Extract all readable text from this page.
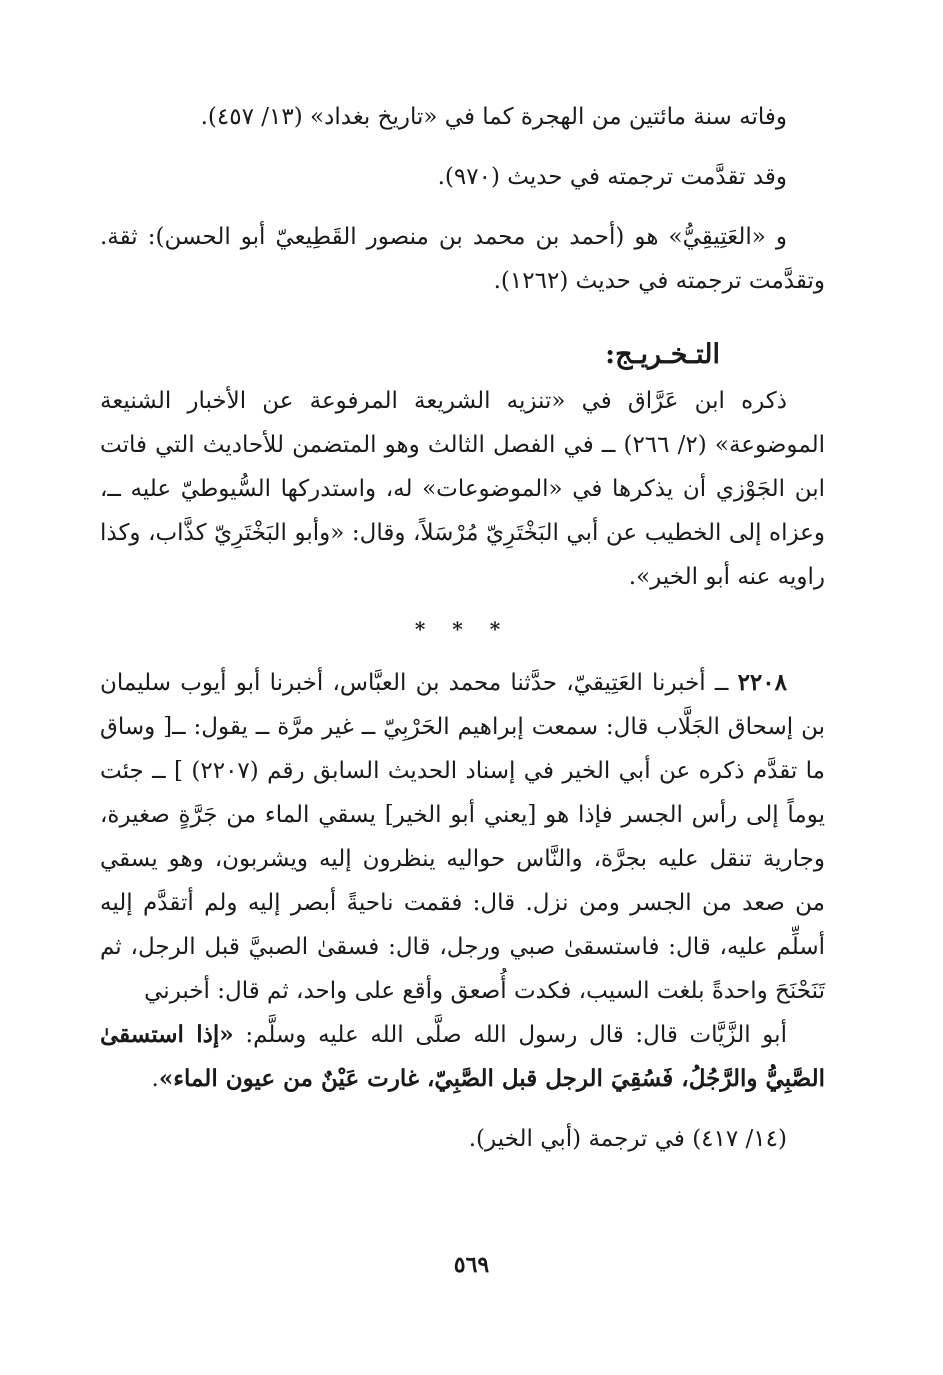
وفاته سنة مائتين من الهجرة كما في «تاريخ بغداد» (١٣/ ٤٥٧).

وقد تقدَّمت ترجمته في حديث (٩٧٠).

و «العَتِيقِيُّ» هو (أحمد بن محمد بن منصور القَطِيعيّ أبو الحسن): ثقة. وتقدَّمت ترجمته في حديث (١٢٦٢).

التـخـريـج:

ذكره ابن عَرَّاق في «تنزيه الشريعة المرفوعة عن الأخبار الشنيعة الموضوعة» (٢/ ٢٦٦) ــ في الفصل الثالث وهو المتضمن للأحاديث التي فاتت ابن الجَوْزي أن يذكرها في «الموضوعات» له، واستدركها السُّيوطيّ عليه ــ، وعزاه إلى الخطيب عن أبي البَخْتَرِيّ مُرْسَلاً، وقال: «وأبو البَخْتَرِيّ كذَّاب، وكذا راويه عنه أبو الخير».

* * *

٢٢٠٨ ــ أخبرنا العَتِيقيّ، حدَّثنا محمد بن العبَّاس، أخبرنا أبو أيوب سليمان بن إسحاق الجَلَّاب قال: سمعت إبراهيم الحَرْبِيّ ــ غير مرَّة ــ يقول: ــ[ وساق ما تقدَّم ذكره عن أبي الخير في إسناد الحديث السابق رقم (٢٢٠٧) ] ــ جئت يوماً إلى رأس الجسر فإذا هو [يعني أبو الخير] يسقي الماء من جَرَّةٍ صغيرة، وجارية تنقل عليه بجرَّة، والنَّاس حواليه ينظرون إليه ويشربون، وهو يسقي من صعد من الجسر ومن نزل. قال: فقمت ناحيةً أبصر إليه ولم أتقدَّم إليه أسلِّم عليه، قال: فاستسقىٰ صبي ورجل، قال: فسقىٰ الصبيَّ قبل الرجل، ثم تَنَحْنَحَ واحدةً بلغت السيب، فكدت أُصعق وأقع على واحد، ثم قال: أخبرني

أبو الزَّيَّات قال: قال رسول الله صلَّى الله عليه وسلَّم: «إذا استسقىٰ الصَّبِيُّ والرَّجُلُ، فَسُقِيَ الرجل قبل الصَّبِيّ، غارت عَيْنٌ من عيون الماء».

(١٤/ ٤١٧) في ترجمة (أبي الخير).

٥٦٩
